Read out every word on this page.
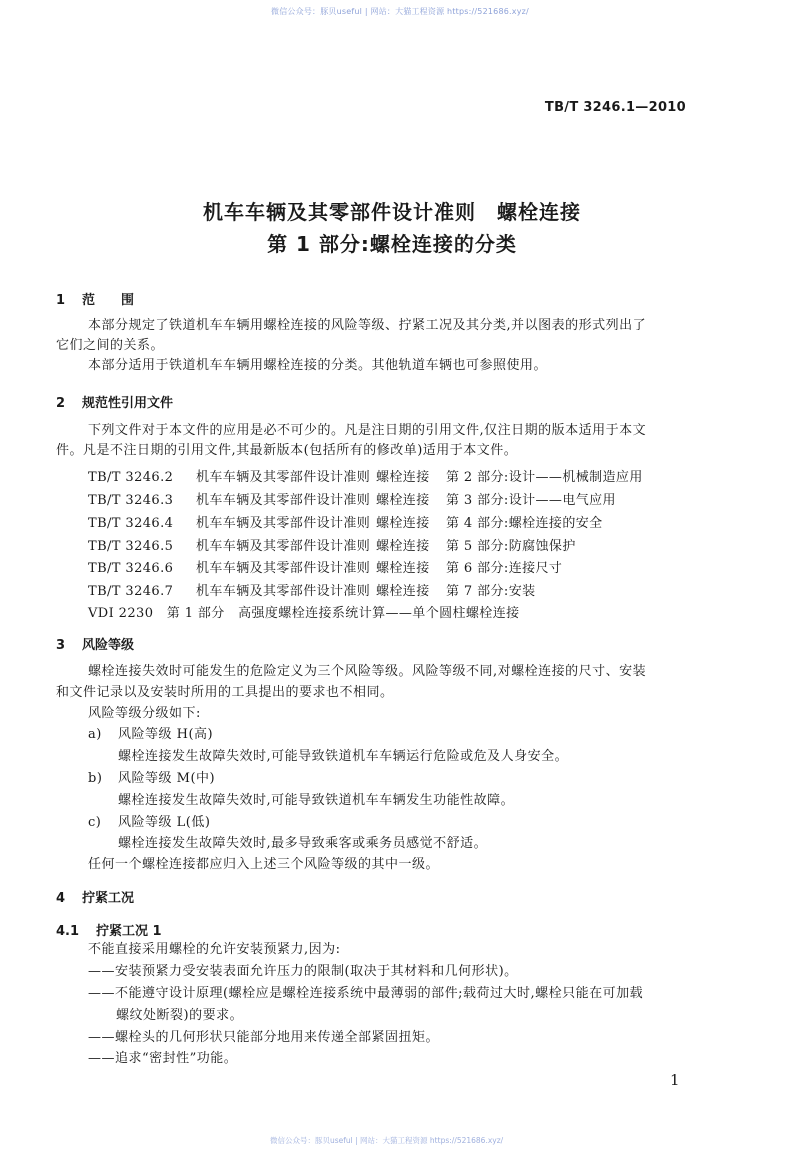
微信公众号：豚贝useful | 网站：大猫工程资源 https://521686.xyz/
TB/T 3246.1—2010
机车车辆及其零部件设计准则　螺栓连接
第 1 部分:螺栓连接的分类
1 范　　围
本部分规定了铁道机车车辆用螺栓连接的风险等级、拧紧工况及其分类,并以图表的形式列出了
它们之间的关系。
本部分适用于铁道机车车辆用螺栓连接的分类。其他轨道车辆也可参照使用。
2 规范性引用文件
下列文件对于本文件的应用是必不可少的。凡是注日期的引用文件,仅注日期的版本适用于本文
件。凡是不注日期的引用文件,其最新版本(包括所有的修改单)适用于本文件。
TB/T 3246.2 机车车辆及其零部件设计准则 螺栓连接 第 2 部分:设计——机械制造应用
TB/T 3246.3 机车车辆及其零部件设计准则 螺栓连接 第 3 部分:设计——电气应用
TB/T 3246.4 机车车辆及其零部件设计准则 螺栓连接 第 4 部分:螺栓连接的安全
TB/T 3246.5 机车车辆及其零部件设计准则 螺栓连接 第 5 部分:防腐蚀保护
TB/T 3246.6 机车车辆及其零部件设计准则 螺栓连接 第 6 部分:连接尺寸
TB/T 3246.7 机车车辆及其零部件设计准则 螺栓连接 第 7 部分:安装
VDI 2230　第 1 部分　高强度螺栓连接系统计算——单个圆柱螺栓连接
3 风险等级
螺栓连接失效时可能发生的危险定义为三个风险等级。风险等级不同,对螺栓连接的尺寸、安装
和文件记录以及安装时所用的工具提出的要求也不相同。
风险等级分级如下:
a) 风险等级 H(高)
螺栓连接发生故障失效时,可能导致铁道机车车辆运行危险或危及人身安全。
b) 风险等级 M(中)
螺栓连接发生故障失效时,可能导致铁道机车车辆发生功能性故障。
c) 风险等级 L(低)
螺栓连接发生故障失效时,最多导致乘客或乘务员感觉不舒适。
任何一个螺栓连接都应归入上述三个风险等级的其中一级。
4 拧紧工况
4.1 拧紧工况 1
不能直接采用螺栓的允许安装预紧力,因为:
——安装预紧力受安装表面允许压力的限制(取决于其材料和几何形状)。
——不能遵守设计原理(螺栓应是螺栓连接系统中最薄弱的部件;载荷过大时,螺栓只能在可加载
螺纹处断裂)的要求。
——螺栓头的几何形状只能部分地用来传递全部紧固扭矩。
——追求“密封性”功能。
1
微信公众号：豚贝useful | 网站：大猫工程资源 https://521686.xyz/
